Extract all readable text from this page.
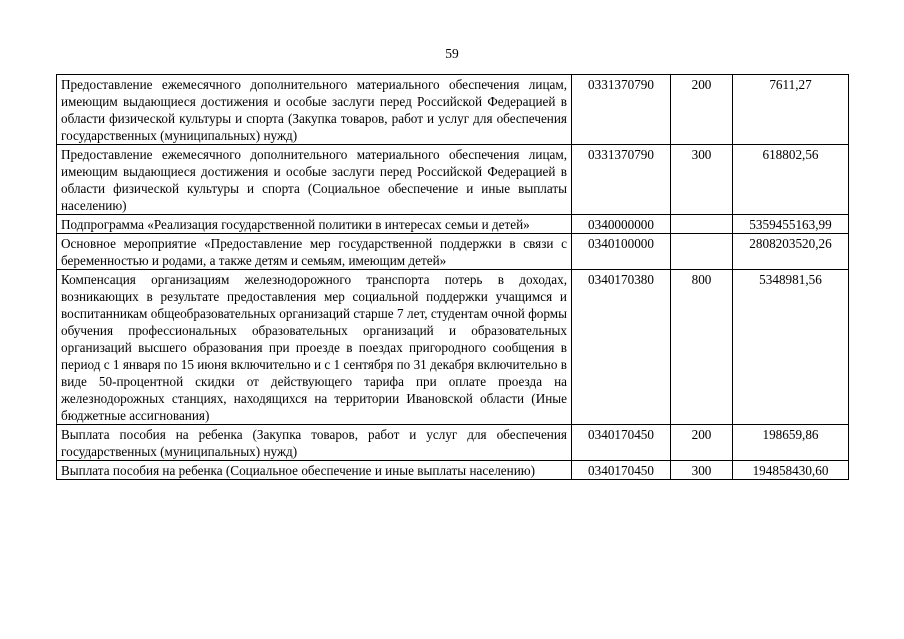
59
Предоставление ежемесячного дополнительного материального обеспечения лицам, имеющим выдающиеся достижения и особые заслуги перед Российской Федерацией в области физической культуры и спорта (Закупка товаров, работ и услуг для обеспечения государственных (муниципальных) нужд)	0331370790	200	7611,27
Предоставление ежемесячного дополнительного материального обеспечения лицам, имеющим выдающиеся достижения и особые заслуги перед Российской Федерацией в области физической культуры и спорта (Социальное обеспечение и иные выплаты населению)	0331370790	300	618802,56
Подпрограмма «Реализация государственной политики в интересах семьи и детей»	0340000000		5359455163,99
Основное мероприятие «Предоставление мер государственной поддержки в связи с беременностью и родами, а также детям и семьям, имеющим детей»	0340100000		2808203520,26
Компенсация организациям железнодорожного транспорта потерь в доходах, возникающих в результате предоставления мер социальной поддержки учащимся и воспитанникам общеобразовательных организаций старше 7 лет, студентам очной формы обучения профессиональных образовательных организаций и образовательных организаций высшего образования при проезде в поездах пригородного сообщения в период с 1 января по 15 июня включительно и с 1 сентября по 31 декабря включительно в виде 50-процентной скидки от действующего тарифа при оплате проезда на железнодорожных станциях, находящихся на территории Ивановской области (Иные бюджетные ассигнования)	0340170380	800	5348981,56
Выплата пособия на ребенка (Закупка товаров, работ и услуг для обеспечения государственных (муниципальных) нужд)	0340170450	200	198659,86
Выплата пособия на ребенка (Социальное обеспечение и иные выплаты населению)	0340170450	300	194858430,60
